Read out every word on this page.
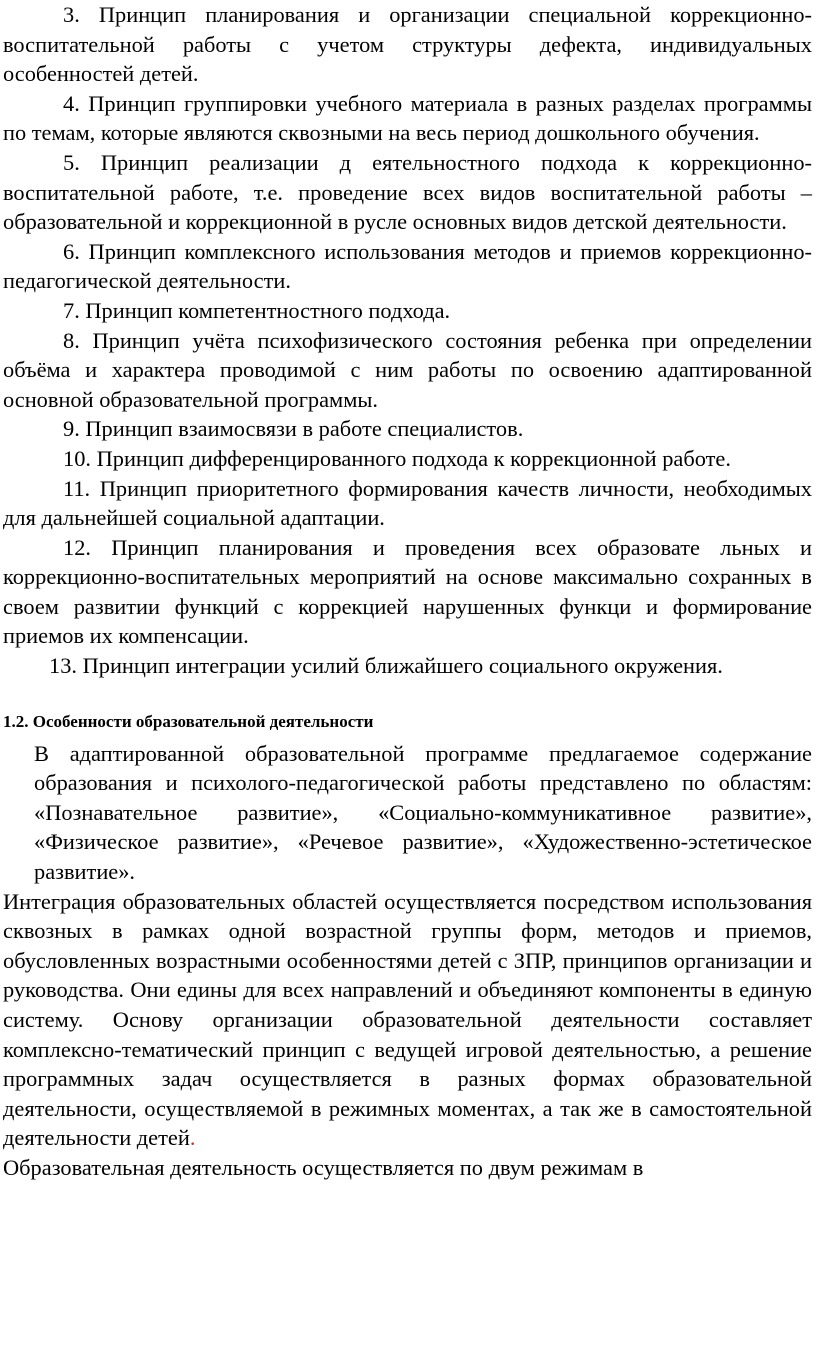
3. Принцип планирования и организации специальной коррекционно-воспитательной работы с учетом структуры дефекта, индивидуальных особенностей детей.

4. Принцип группировки учебного материала в разных разделах программы по темам, которые являются сквозными на весь период дошкольного обучения.

5. Принцип реализации д еятельностного подхода к коррекционно-воспитательной работе, т.е. проведение всех видов воспитательной работы – образовательной и коррекционной в русле основных видов детской деятельности.

6. Принцип комплексного использования методов и приемов коррекционно-педагогической деятельности.

7. Принцип компетентностного подхода.

8. Принцип учёта психофизического состояния ребенка при определении объёма и характера проводимой с ним работы по освоению адаптированной основной образовательной программы.

9. Принцип взаимосвязи в работе специалистов.

10. Принцип дифференцированного подхода к коррекционной работе.

11. Принцип приоритетного формирования качеств личности, необходимых для дальнейшей социальной адаптации.

12. Принцип планирования и проведения всех образовате льных и коррекционно-воспитательных мероприятий на основе максимально сохранных в своем развитии функций с коррекцией нарушенных функци и формирование приемов их компенсации.

13. Принцип интеграции усилий ближайшего социального окружения.

1.2. Особенности образовательной деятельности

В адаптированной образовательной программе предлагаемое содержание образования и психолого-педагогической работы представлено по областям: «Познавательное развитие», «Социально-коммуникативное развитие», «Физическое развитие», «Речевое развитие», «Художественно-эстетическое развитие».

Интеграция образовательных областей осуществляется посредством использования сквозных в рамках одной возрастной группы форм, методов и приемов, обусловленных возрастными особенностями детей с ЗПР, принципов организации и руководства. Они едины для всех направлений и объединяют компоненты в единую систему. Основу организации образовательной деятельности составляет комплексно-тематический принцип с ведущей игровой деятельностью, а решение программных задач осуществляется в разных формах образовательной деятельности, осуществляемой в режимных моментах, а так же в самостоятельной деятельности детей.

Образовательная деятельность осуществляется по двум режимам в
